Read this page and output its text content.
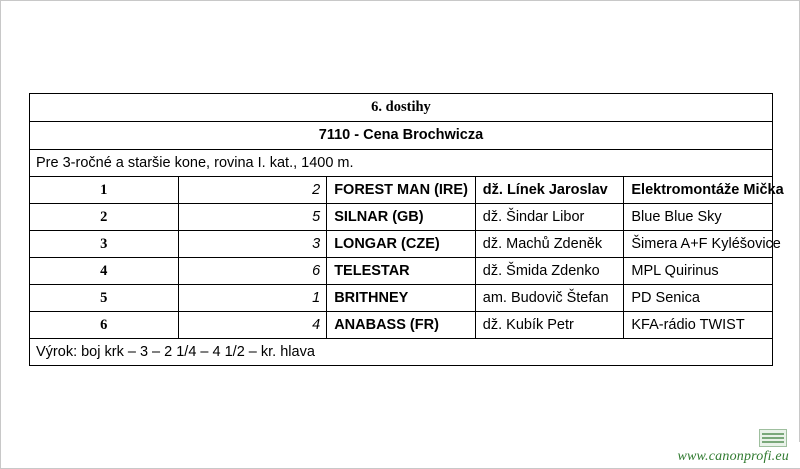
6. dostihy				
7110 - Cena Brochwicza				
Pre 3-ročné a staršie kone, rovina I. kat., 1400 m.				
1	2	FOREST MAN (IRE)	dž. Línek Jaroslav	Elektromontáže Mička
2	5	SILNAR (GB)	dž. Šindar Libor	Blue Blue Sky
3	3	LONGAR (CZE)	dž. Machů Zdeněk	Šimera A+F Kyléšovice
4	6	TELESTAR	dž. Šmida Zdenko	MPL Quirinus
5	1	BRITHNEY	am. Budovič Štefan	PD Senica
6	4	ANABASS (FR)	dž. Kubík Petr	KFA-rádio TWIST
Výrok: boj krk – 3 – 2 1/4 – 4 1/2 – kr. hlava				
www.canonprofi.eu
